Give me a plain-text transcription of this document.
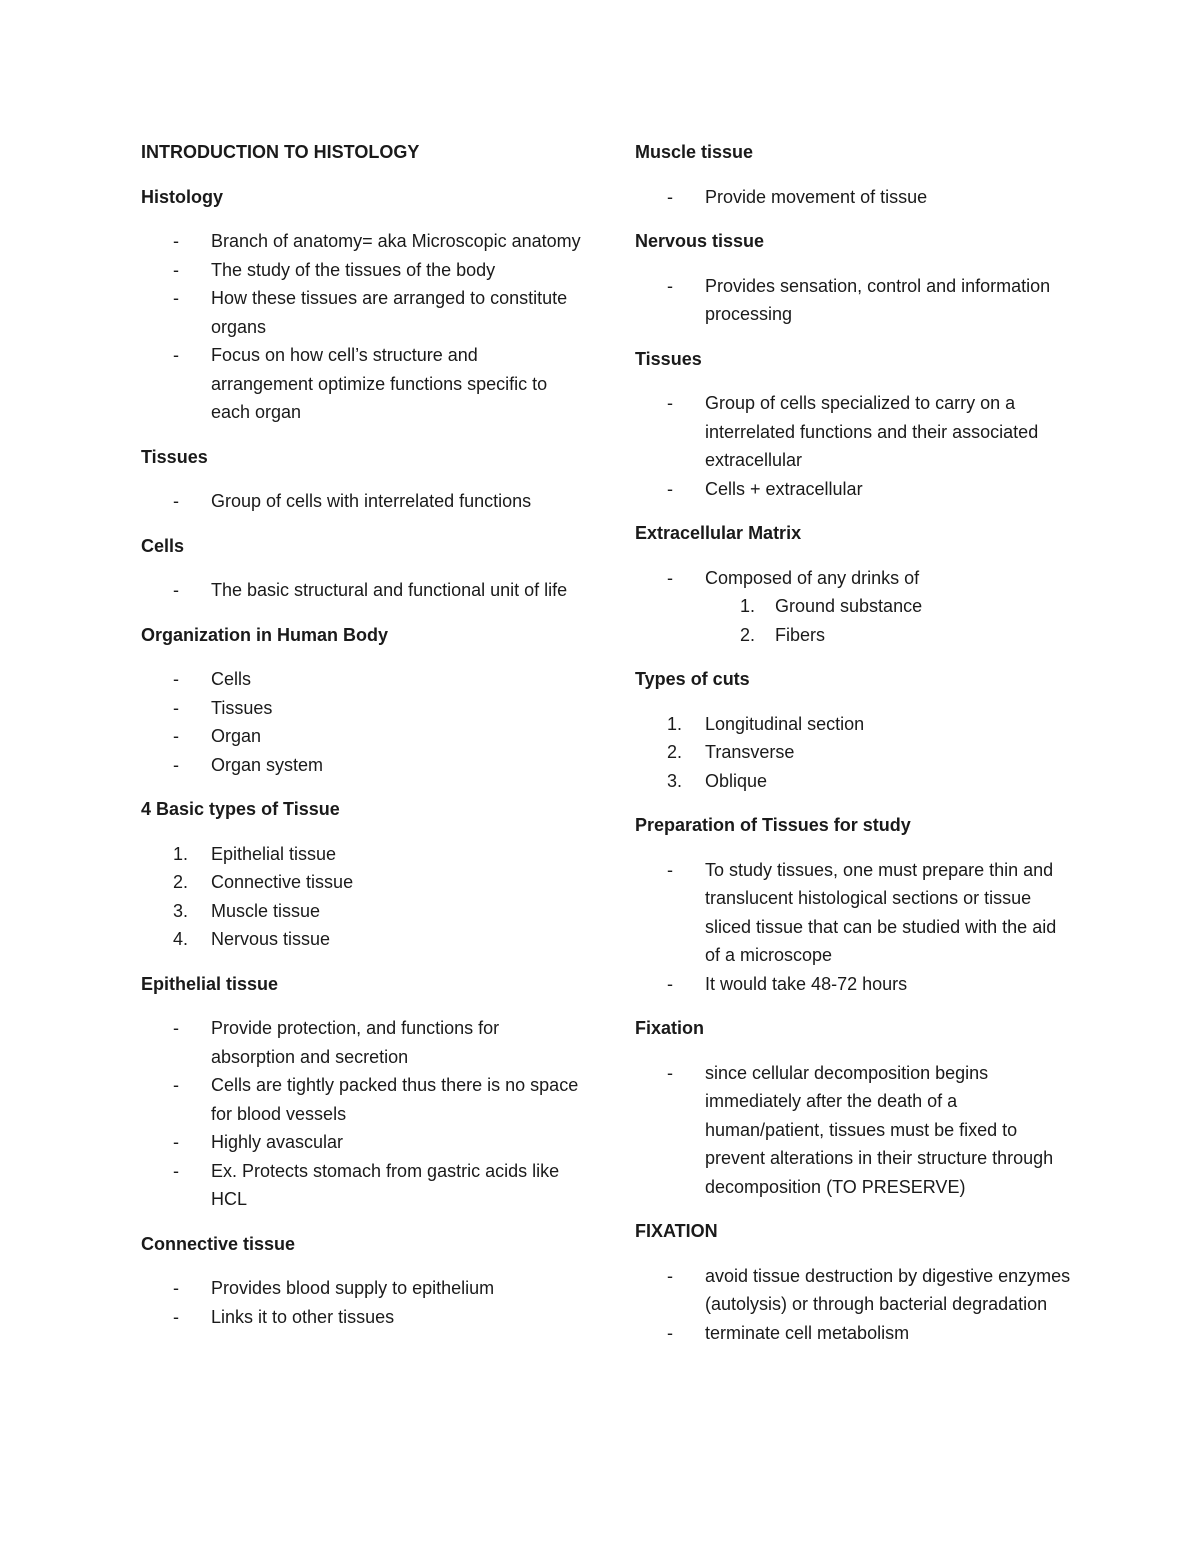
INTRODUCTION TO HISTOLOGY
Histology
- Branch of anatomy= aka Microscopic anatomy
- The study of the tissues of the body
- How these tissues are arranged to constitute organs
- Focus on how cell’s structure and arrangement optimize functions specific to each organ
Tissues
- Group of cells with interrelated functions
Cells
- The basic structural and functional unit of life
Organization in Human Body
- Cells
- Tissues
- Organ
- Organ system
4 Basic types of Tissue
1. Epithelial tissue
2. Connective tissue
3. Muscle tissue
4. Nervous tissue
Epithelial tissue
- Provide protection, and functions for absorption and secretion
- Cells are tightly packed thus there is no space for blood vessels
- Highly avascular
- Ex. Protects stomach from gastric acids like HCL
Connective tissue
- Provides blood supply to epithelium
- Links it to other tissues
Muscle tissue
- Provide movement of tissue
Nervous tissue
- Provides sensation, control and information processing
Tissues
- Group of cells specialized to carry on a interrelated functions and their associated extracellular
- Cells + extracellular
Extracellular Matrix
- Composed of any drinks of
1. Ground substance
2. Fibers
Types of cuts
1. Longitudinal section
2. Transverse
3. Oblique
Preparation of Tissues for study
- To study tissues, one must prepare thin and translucent histological sections or tissue sliced tissue that can be studied with the aid of a microscope
- It would take 48-72 hours
Fixation
- since cellular decomposition begins immediately after the death of a human/patient, tissues must be fixed to prevent alterations in their structure through decomposition (TO PRESERVE)
FIXATION
- avoid tissue destruction by digestive enzymes (autolysis) or through bacterial degradation
- terminate cell metabolism
